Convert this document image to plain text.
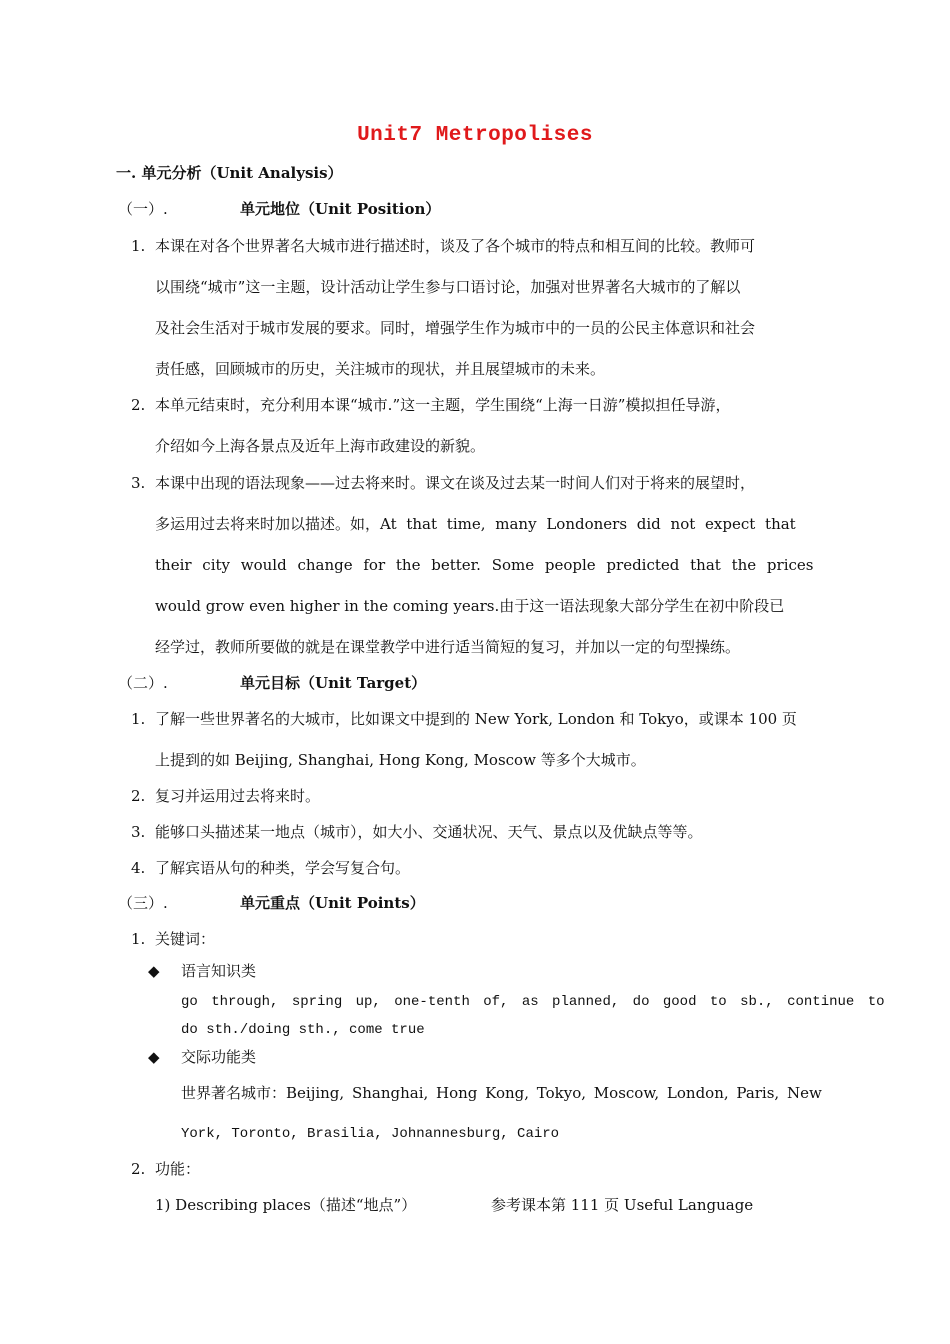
Unit7 Metropolises
一. 单元分析（Unit Analysis）
（一）.	单元地位（Unit Position）
1. 本课在对各个世界著名大城市进行描述时，谈及了各个城市的特点和相互间的比较。教师可
以围绕“城市”这一主题，设计活动让学生参与口语讨论，加强对世界著名大城市的了解以
及社会生活对于城市发展的要求。同时，增强学生作为城市中的一员的公民主体意识和社会
责任感，回顾城市的历史，关注城市的现状，并且展望城市的未来。
2. 本单元结束时，充分利用本课“城市.”这一主题，学生围绕“上海一日游”模拟担任导游，
介绍如今上海各景点及近年上海市政建设的新貌。
3. 本课中出现的语法现象——过去将来时。课文在谈及过去某一时间人们对于将来的展望时，
多运用过去将来时加以描述。如，At that time, many Londoners did not expect that
their city would change for the better. Some people predicted that the prices
would grow even higher in the coming years.由于这一语法现象大部分学生在初中阶段已
经学过，教师所要做的就是在课堂教学中进行适当简短的复习，并加以一定的句型操练。
（二）.	单元目标（Unit Target）
1. 了解一些世界著名的大城市，比如课文中提到的 New York, London 和 Tokyo，或课本 100 页
上提到的如 Beijing, Shanghai, Hong Kong, Moscow 等多个大城市。
2. 复习并运用过去将来时。
3. 能够口头描述某一地点（城市），如大小、交通状况、天气、景点以及优缺点等等。
4. 了解宾语从句的种类，学会写复合句。
（三）.	单元重点（Unit Points）
1. 关键词：
◆ 语言知识类
go through, spring up, one-tenth of, as planned, do good to sb., continue to
do sth./doing sth., come true
◆ 交际功能类
世界著名城市：Beijing, Shanghai, Hong Kong, Tokyo, Moscow, London, Paris, New
York, Toronto, Brasilia, Johnannesburg, Cairo
2. 功能：
1) Describing places（描述“地点”）	参考课本第 111 页 Useful Language
